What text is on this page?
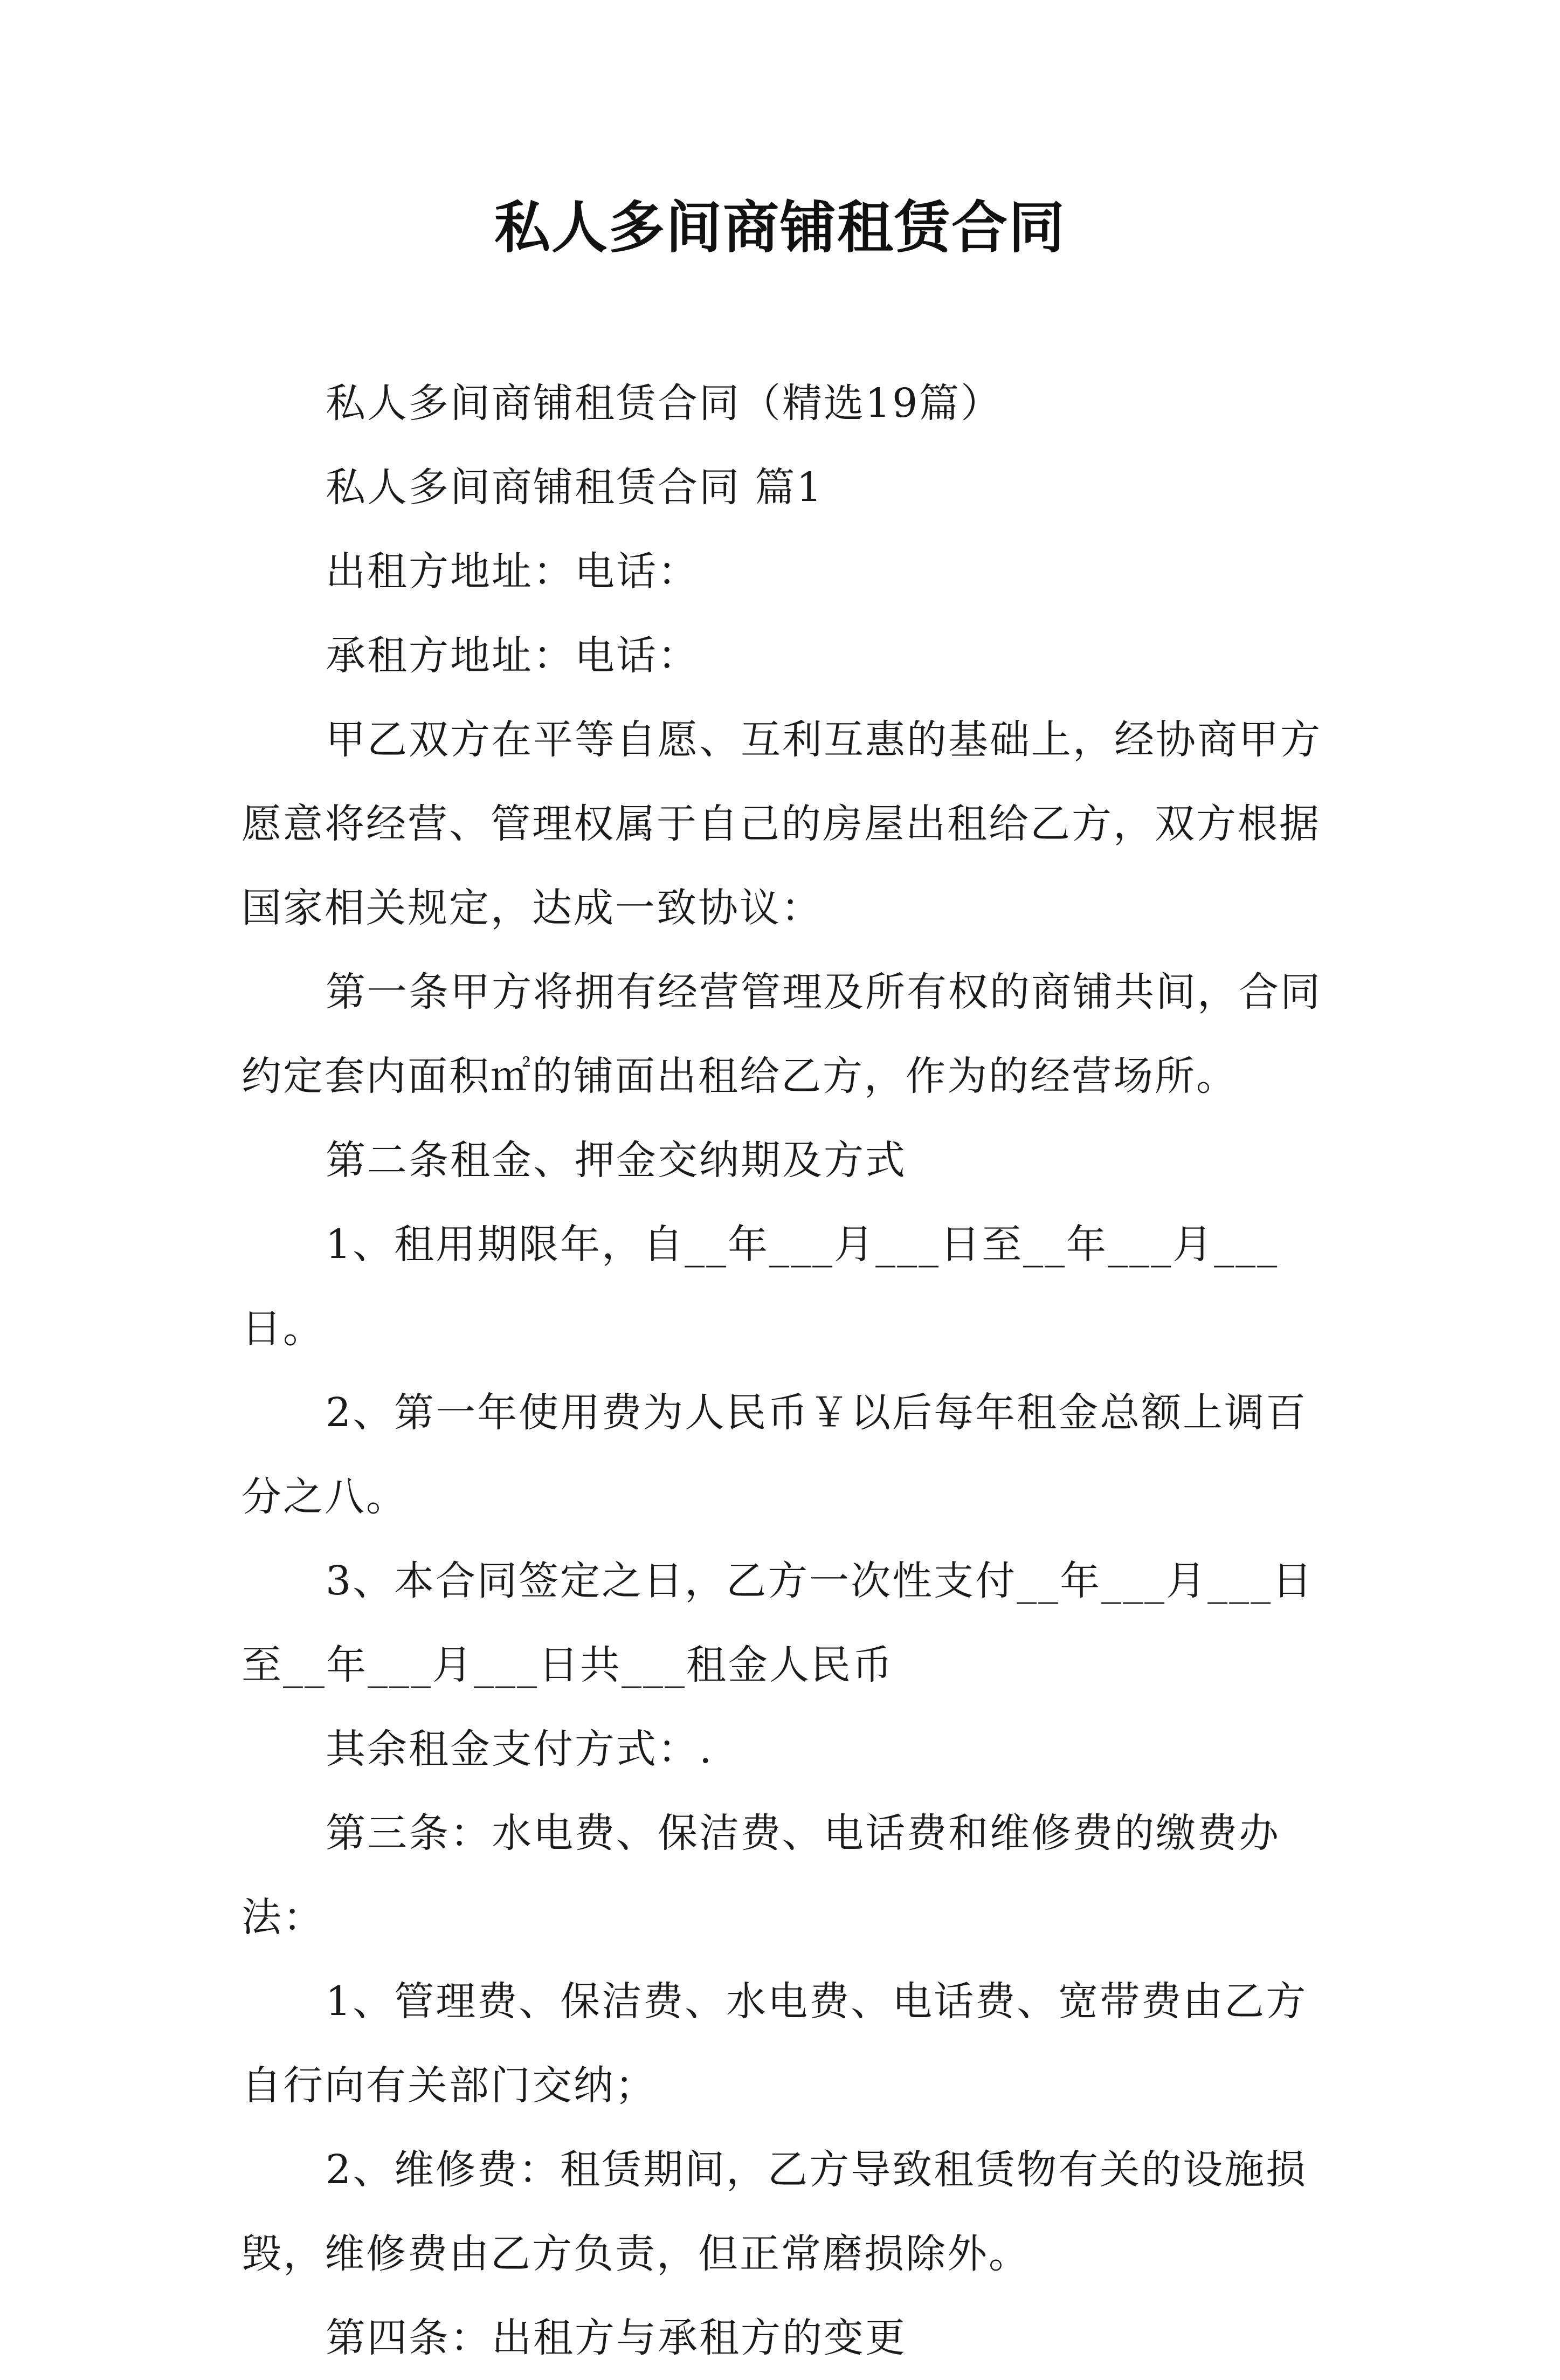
私人多间商铺租赁合同

私人多间商铺租赁合同（精选19篇）

私人多间商铺租赁合同 篇1

出租方地址：电话：

承租方地址：电话：

甲乙双方在平等自愿、互利互惠的基础上，经协商甲方愿意将经营、管理权属于自己的房屋出租给乙方，双方根据国家相关规定，达成一致协议：

第一条甲方将拥有经营管理及所有权的商铺共间，合同约定套内面积㎡的铺面出租给乙方，作为的经营场所。

第二条租金、押金交纳期及方式

1、租用期限年，自__年___月___日至__年___月___日。

2、第一年使用费为人民币￥以后每年租金总额上调百分之八。

3、本合同签定之日，乙方一次性支付__年___月___日至__年___月___日共___租金人民币

其余租金支付方式：.

第三条：水电费、保洁费、电话费和维修费的缴费办法：

1、管理费、保洁费、水电费、电话费、宽带费由乙方自行向有关部门交纳；

2、维修费：租赁期间，乙方导致租赁物有关的设施损毁，维修费由乙方负责，但正常磨损除外。

第四条：出租方与承租方的变更
